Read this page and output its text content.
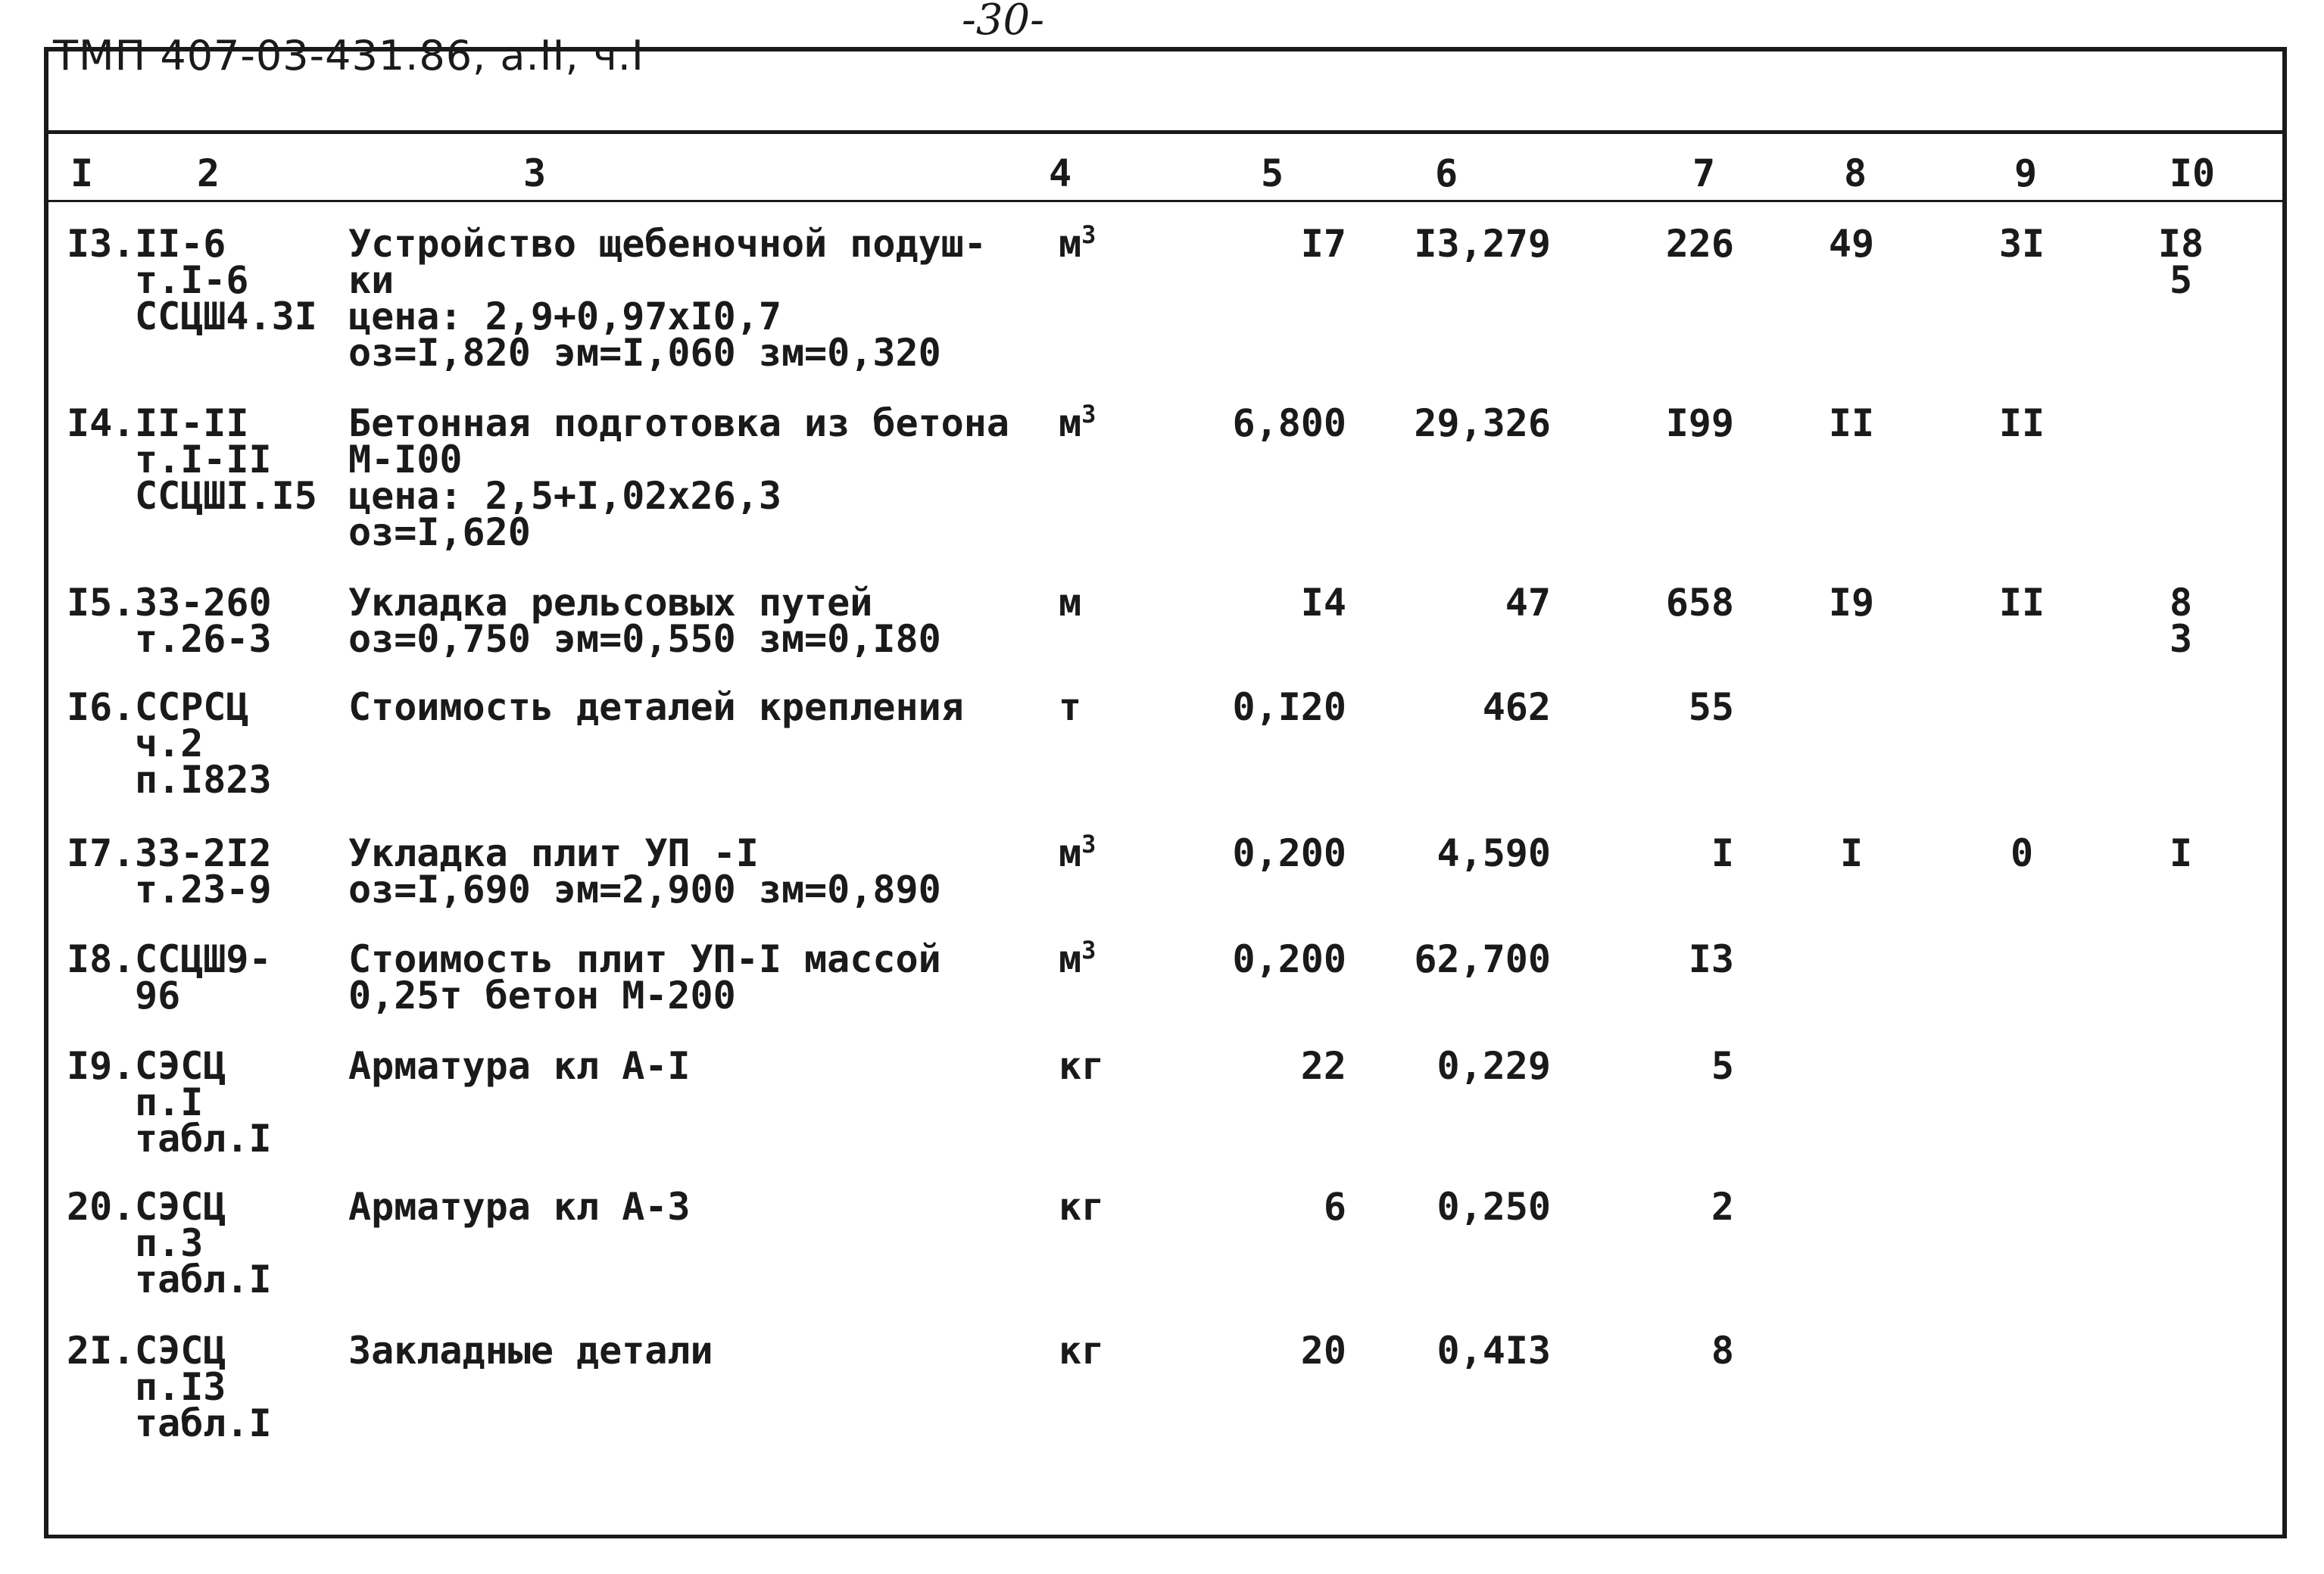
ТМП 407-03-431.86, а.II, ч.I
-30-
I	2	3	4	5	6	7	8	9	I0
I3. II-6
т.I-6
ССЦШ4.3I
Устройство щебеночной подуш-
ки
цена: 2,9+0,97хI0,7
оз=I,820 эм=I,060 зм=0,320
$м^3$	I7	I3,279	226	49	3I	I8
5
I4. II-II
т.I-II
ССЦШI.I5
Бетонная подготовка из бетона
М-I00
цена: 2,5+I,02х26,3
оз=I,620
$м^3$	6,800	29,326	I99	II	II
I5. 33-260
т.26-3
Укладка рельсовых путей
оз=0,750 эм=0,550 зм=0,I80
м	I4	47	658	I9	II	8
3
I6. ССРСЦ
ч.2
п.I823
Стоимость деталей крепления	т	0,I20	462	55
I7. 33-2I2
т.23-9
Укладка плит УП -I
оз=I,690 эм=2,900 зм=0,890
$м^3$	0,200	4,590	I	I	0	I
I8. ССЦШ9-
96
Стоимость плит УП-I массой
0,25т бетон М-200
$м^3$	0,200	62,700	I3
I9. СЭСЦ
п.I
табл.I
Арматура кл А-I	кг	22	0,229	5
20. СЭСЦ
п.3
табл.I
Арматура кл А-3	кг	6	0,250	2
2I. СЭСЦ
п.I3
табл.I
Закладные детали	кг	20	0,4I3	8
